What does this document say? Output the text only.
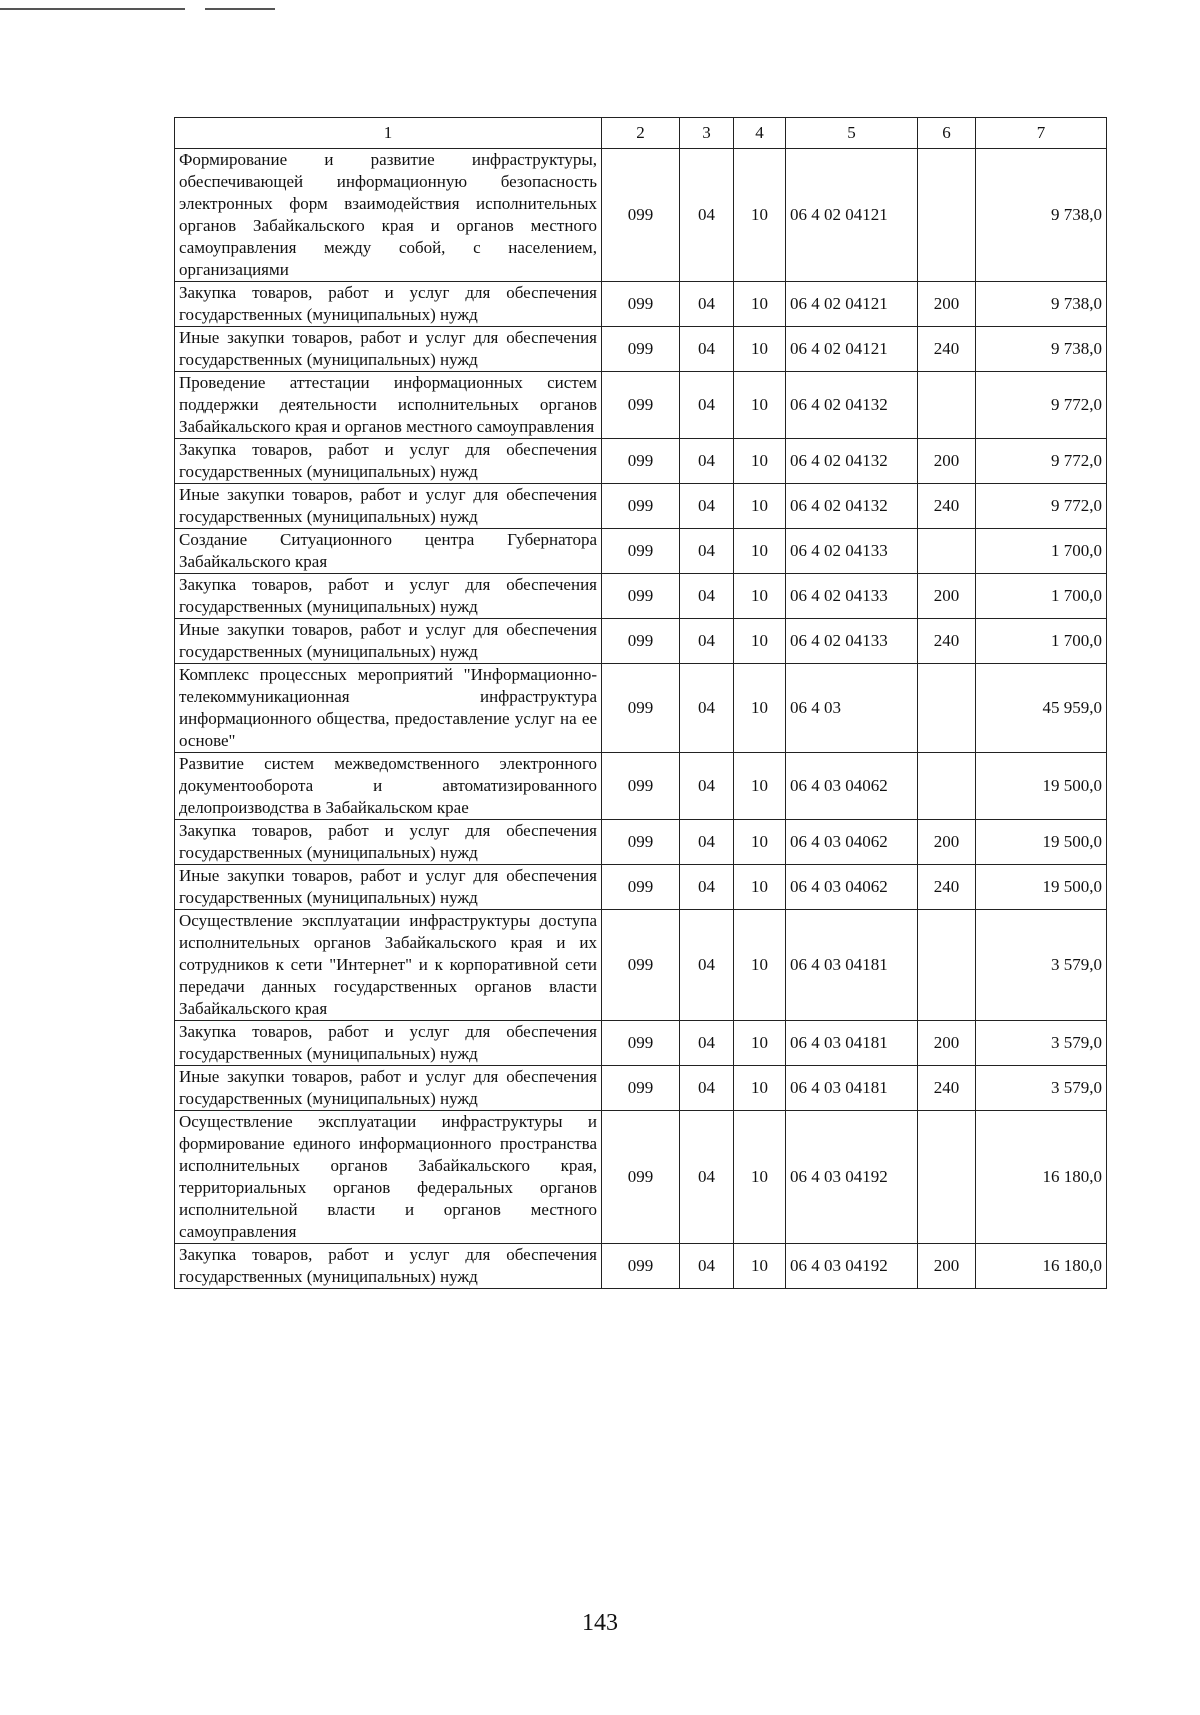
1	2	3	4	5	6	7
Формирование и развитие инфраструктуры, обеспечивающей информационную безопасность электронных форм взаимодействия исполнительных органов Забайкальского края и органов местного самоуправления между собой, с населением, организациями	099	04	10	06 4 02 04121		9 738,0
Закупка товаров, работ и услуг для обеспечения государственных (муниципальных) нужд	099	04	10	06 4 02 04121	200	9 738,0
Иные закупки товаров, работ и услуг для обеспечения государственных (муниципальных) нужд	099	04	10	06 4 02 04121	240	9 738,0
Проведение аттестации информационных систем поддержки деятельности исполнительных органов Забайкальского края и органов местного самоуправления	099	04	10	06 4 02 04132		9 772,0
Закупка товаров, работ и услуг для обеспечения государственных (муниципальных) нужд	099	04	10	06 4 02 04132	200	9 772,0
Иные закупки товаров, работ и услуг для обеспечения государственных (муниципальных) нужд	099	04	10	06 4 02 04132	240	9 772,0
Создание Ситуационного центра Губернатора Забайкальского края	099	04	10	06 4 02 04133		1 700,0
Закупка товаров, работ и услуг для обеспечения государственных (муниципальных) нужд	099	04	10	06 4 02 04133	200	1 700,0
Иные закупки товаров, работ и услуг для обеспечения государственных (муниципальных) нужд	099	04	10	06 4 02 04133	240	1 700,0
Комплекс процессных мероприятий "Информационно-телекоммуникационная инфраструктура информационного общества, предоставление услуг на ее основе"	099	04	10	06 4 03		45 959,0
Развитие систем межведомственного электронного документооборота и автоматизированного делопроизводства в Забайкальском крае	099	04	10	06 4 03 04062		19 500,0
Закупка товаров, работ и услуг для обеспечения государственных (муниципальных) нужд	099	04	10	06 4 03 04062	200	19 500,0
Иные закупки товаров, работ и услуг для обеспечения государственных (муниципальных) нужд	099	04	10	06 4 03 04062	240	19 500,0
Осуществление эксплуатации инфраструктуры доступа исполнительных органов Забайкальского края и их сотрудников к сети "Интернет" и к корпоративной сети передачи данных государственных органов власти Забайкальского края	099	04	10	06 4 03 04181		3 579,0
Закупка товаров, работ и услуг для обеспечения государственных (муниципальных) нужд	099	04	10	06 4 03 04181	200	3 579,0
Иные закупки товаров, работ и услуг для обеспечения государственных (муниципальных) нужд	099	04	10	06 4 03 04181	240	3 579,0
Осуществление эксплуатации инфраструктуры и формирование единого информационного пространства исполнительных органов Забайкальского края, территориальных органов федеральных органов исполнительной власти и органов местного самоуправления	099	04	10	06 4 03 04192		16 180,0
Закупка товаров, работ и услуг для обеспечения государственных (муниципальных) нужд	099	04	10	06 4 03 04192	200	16 180,0
143
